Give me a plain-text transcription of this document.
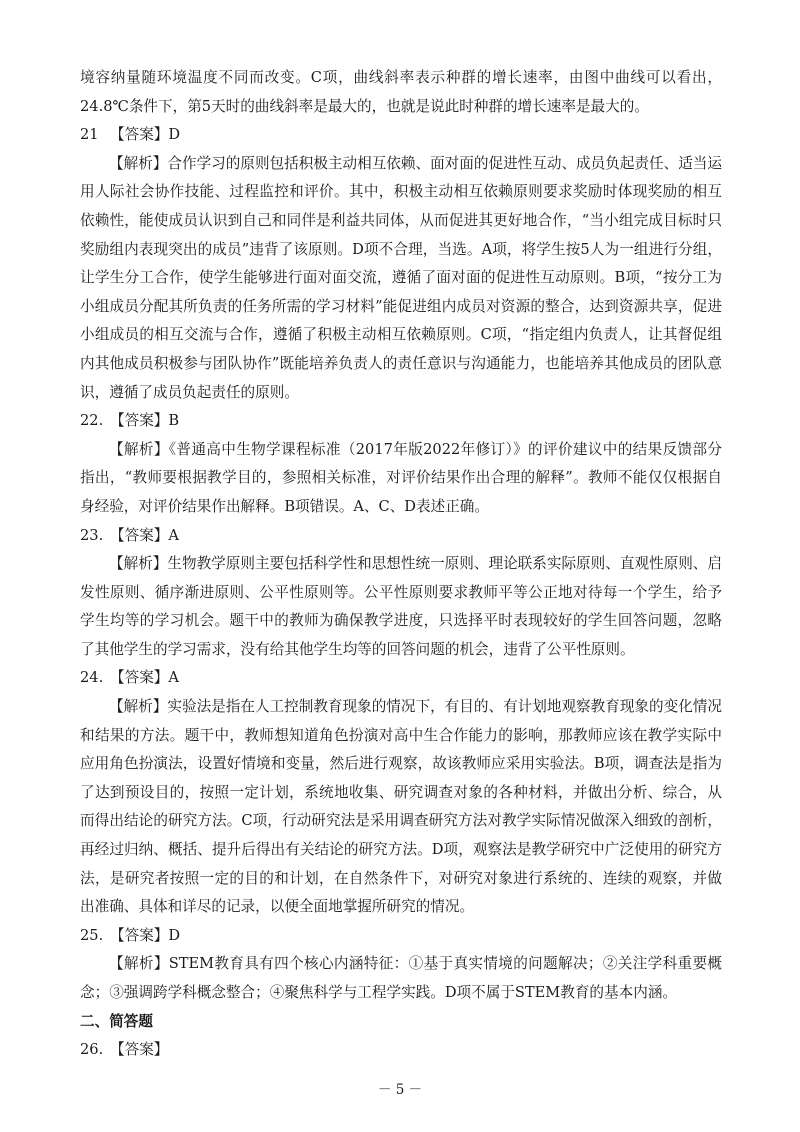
境容纳量随环境温度不同而改变。C项，曲线斜率表示种群的增长速率，由图中曲线可以看出，24.8℃条件下，第5天时的曲线斜率是最大的，也就是说此时种群的增长速率是最大的。

21 【答案】D

【解析】合作学习的原则包括积极主动相互依赖、面对面的促进性互动、成员负起责任、适当运用人际社会协作技能、过程监控和评价。其中，积极主动相互依赖原则要求奖励时体现奖励的相互依赖性，能使成员认识到自己和同伴是利益共同体，从而促进其更好地合作，“当小组完成目标时只奖励组内表现突出的成员”违背了该原则。D项不合理，当选。A项，将学生按5人为一组进行分组，让学生分工合作，使学生能够进行面对面交流，遵循了面对面的促进性互动原则。B项，“按分工为小组成员分配其所负责的任务所需的学习材料”能促进组内成员对资源的整合，达到资源共享，促进小组成员的相互交流与合作，遵循了积极主动相互依赖原则。C项，“指定组内负责人，让其督促组内其他成员积极参与团队协作”既能培养负责人的责任意识与沟通能力，也能培养其他成员的团队意识，遵循了成员负起责任的原则。

22. 【答案】B

【解析】《普通高中生物学课程标准（2017年版2022年修订）》的评价建议中的结果反馈部分指出，“教师要根据教学目的，参照相关标准，对评价结果作出合理的解释”。教师不能仅仅根据自身经验，对评价结果作出解释。B项错误。A、C、D表述正确。

23. 【答案】A

【解析】生物教学原则主要包括科学性和思想性统一原则、理论联系实际原则、直观性原则、启发性原则、循序渐进原则、公平性原则等。公平性原则要求教师平等公正地对待每一个学生，给予学生均等的学习机会。题干中的教师为确保教学进度，只选择平时表现较好的学生回答问题，忽略了其他学生的学习需求，没有给其他学生均等的回答问题的机会，违背了公平性原则。

24. 【答案】A

【解析】实验法是指在人工控制教育现象的情况下，有目的、有计划地观察教育现象的变化情况和结果的方法。题干中，教师想知道角色扮演对高中生合作能力的影响，那教师应该在教学实际中应用角色扮演法，设置好情境和变量，然后进行观察，故该教师应采用实验法。B项，调查法是指为了达到预设目的，按照一定计划，系统地收集、研究调查对象的各种材料，并做出分析、综合，从而得出结论的研究方法。C项，行动研究法是采用调查研究方法对教学实际情况做深入细致的剖析，再经过归纳、概括、提升后得出有关结论的研究方法。D项，观察法是教学研究中广泛使用的研究方法，是研究者按照一定的目的和计划，在自然条件下，对研究对象进行系统的、连续的观察，并做出准确、具体和详尽的记录，以便全面地掌握所研究的情况。

25. 【答案】D

【解析】STEM教育具有四个核心内涵特征：①基于真实情境的问题解决；②关注学科重要概念；③强调跨学科概念整合；④聚焦科学与工程学实践。D项不属于STEM教育的基本内涵。

二、简答题

26. 【答案】

－ 5 －
